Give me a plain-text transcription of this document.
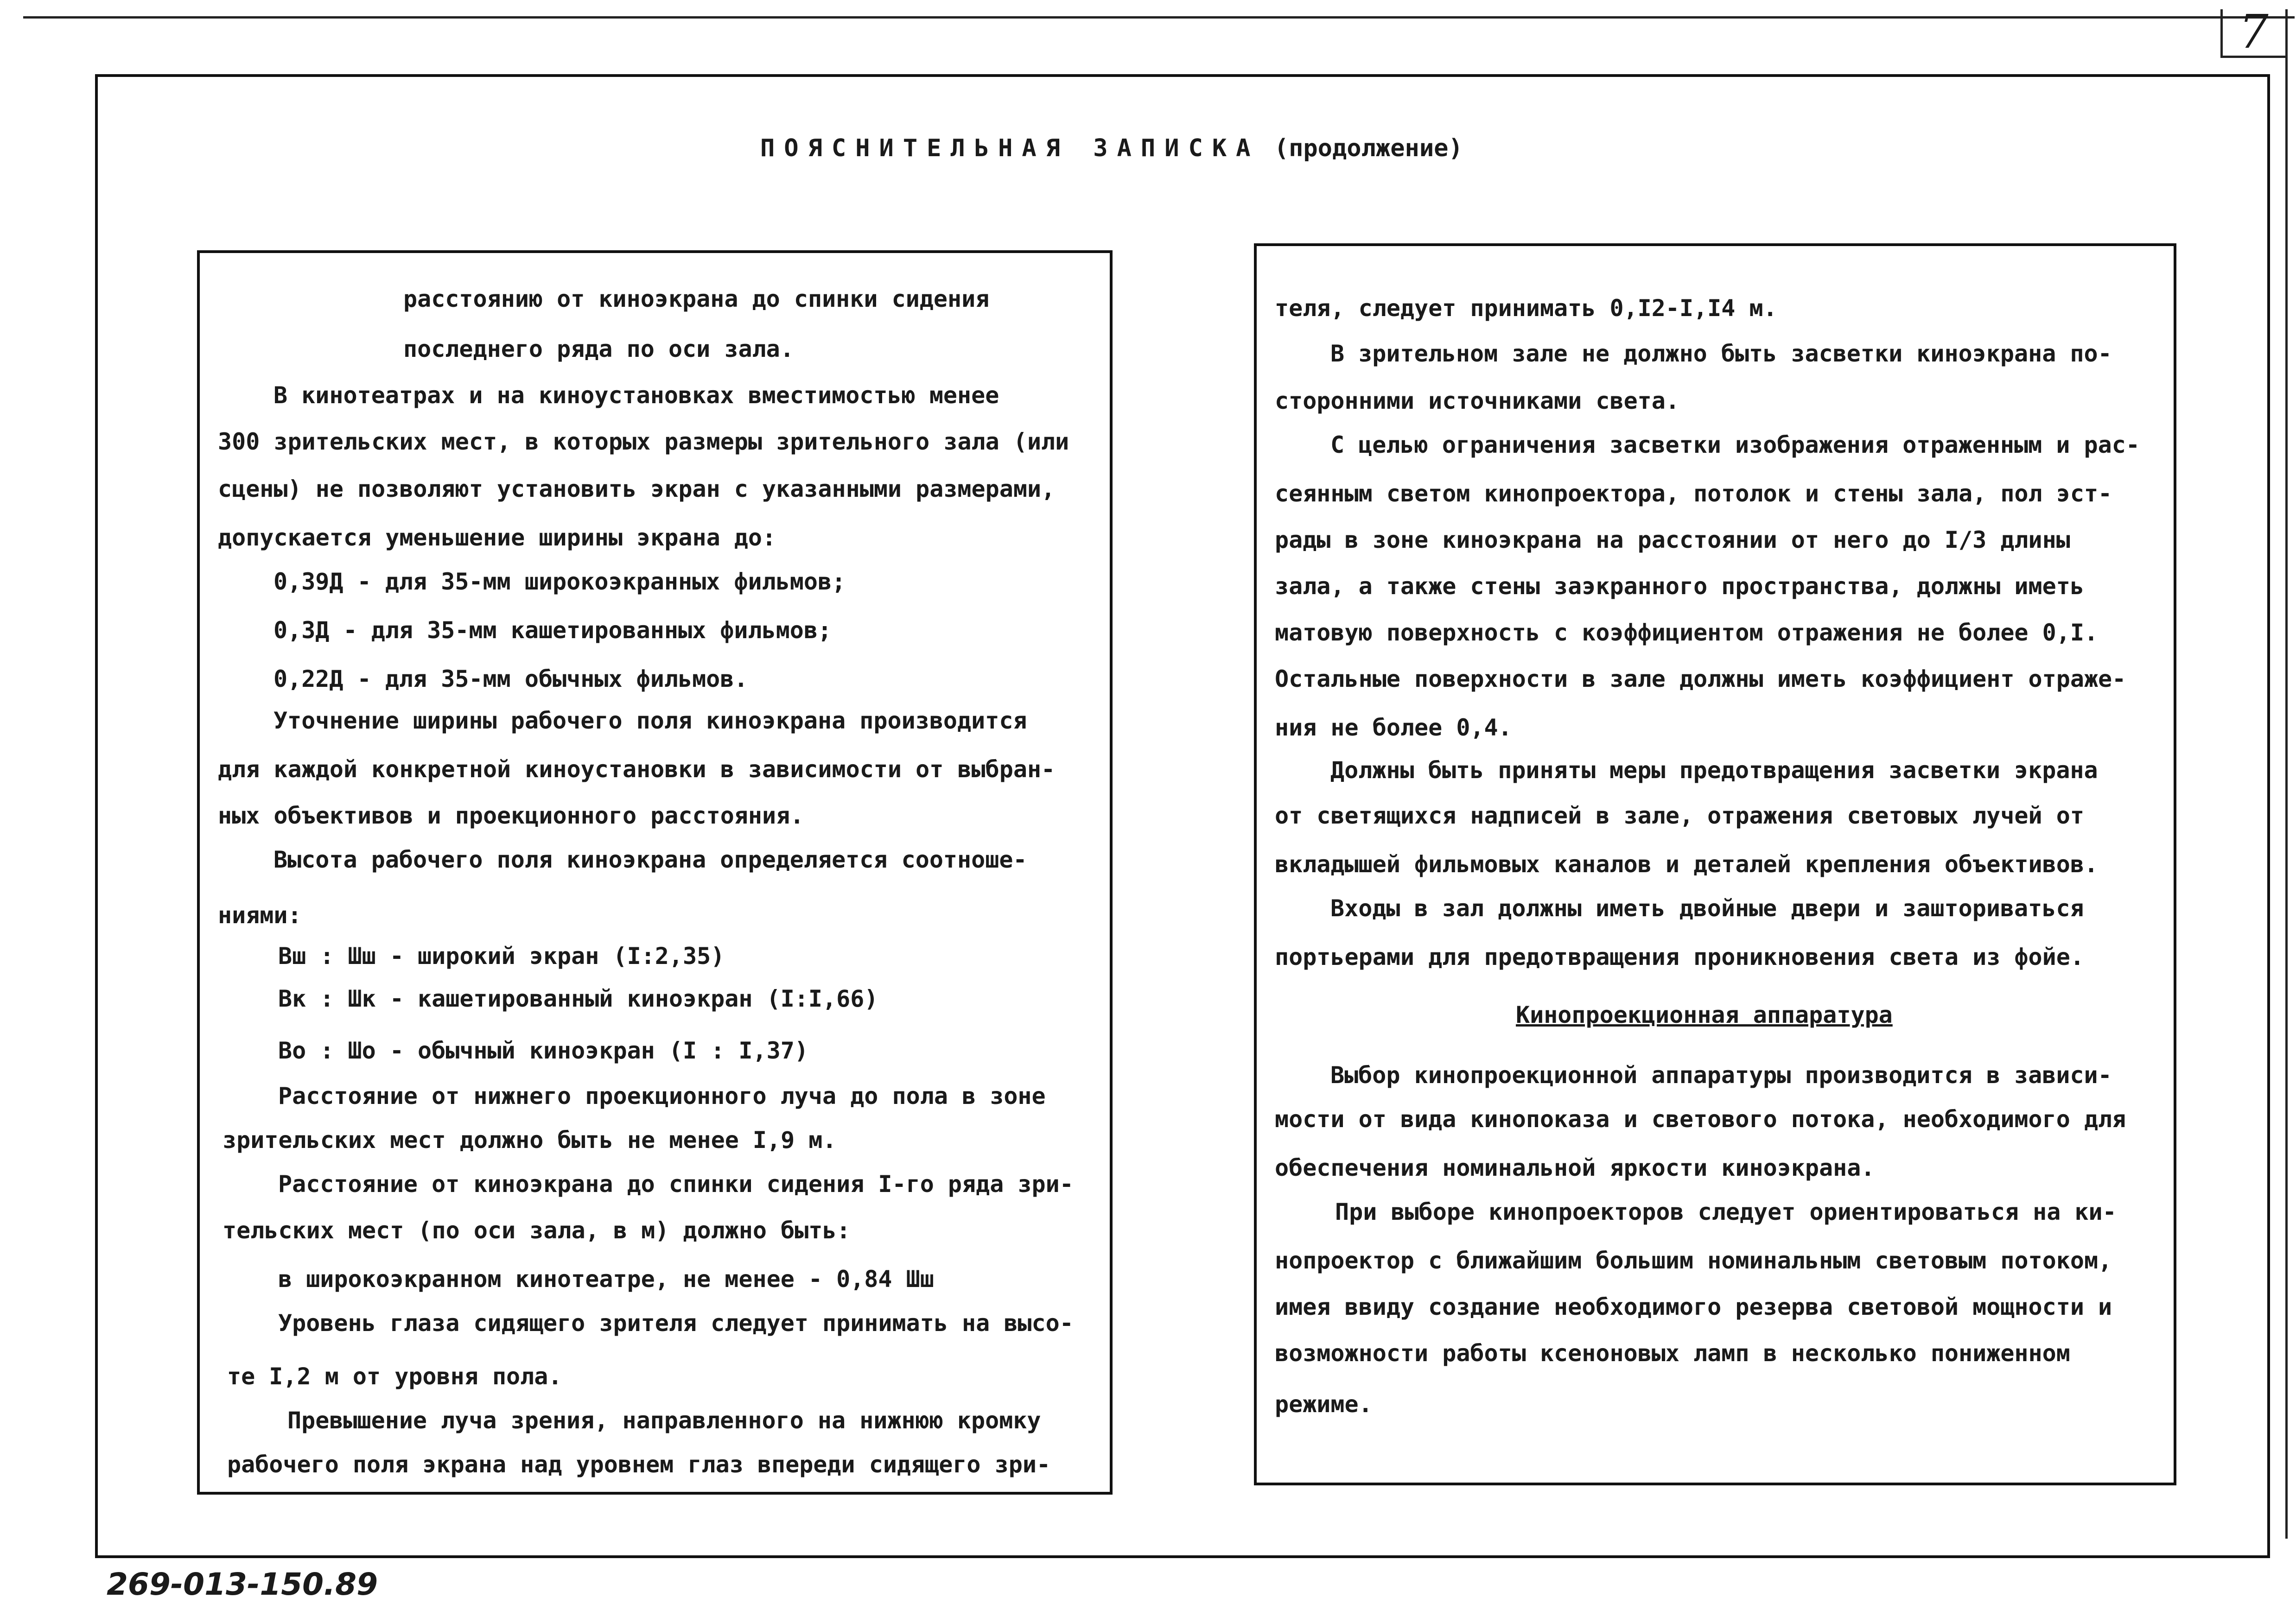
7
ПОЯСНИТЕЛЬНАЯ ЗАПИСКА (продолжение)
расстоянию от киноэкрана до спинки сидения
последнего ряда по оси зала.
В кинотеатрах и на киноустановках вместимостью менее
300 зрительских мест, в которых размеры зрительного зала (или
сцены) не позволяют установить экран с указанными размерами,
допускается уменьшение ширины экрана до:
0,39Д - для 35-мм широкоэкранных фильмов;
0,3Д - для 35-мм кашетированных фильмов;
0,22Д - для 35-мм обычных фильмов.
Уточнение ширины рабочего поля киноэкрана производится
для каждой конкретной киноустановки в зависимости от выбран-
ных объективов и проекционного расстояния.
Высота рабочего поля киноэкрана определяется соотноше-
ниями:
Вш : Шш - широкий экран (I:2,35)
Вк : Шк - кашетированный киноэкран (I:I,66)
Во : Шо - обычный киноэкран (I : I,37)
Расстояние от нижнего проекционного луча до пола в зоне
зрительских мест должно быть не менее I,9 м.
Расстояние от киноэкрана до спинки сидения I-го ряда зри-
тельских мест (по оси зала, в м) должно быть:
в широкоэкранном кинотеатре, не менее - 0,84 Шш
Уровень глаза сидящего зрителя следует принимать на высо-
те I,2 м от уровня пола.
Превышение луча зрения, направленного на нижнюю кромку
рабочего поля экрана над уровнем глаз впереди сидящего зри-
теля, следует принимать 0,I2-I,I4 м.
В зрительном зале не должно быть засветки киноэкрана по-
сторонними источниками света.
С целью ограничения засветки изображения отраженным и рас-
сеянным светом кинопроектора, потолок и стены зала, пол эст-
рады в зоне киноэкрана на расстоянии от него до I/3 длины
зала, а также стены заэкранного пространства, должны иметь
матовую поверхность с коэффициентом отражения не более 0,I.
Остальные поверхности в зале должны иметь коэффициент отраже-
ния не более 0,4.
Должны быть приняты меры предотвращения засветки экрана
от светящихся надписей в зале, отражения световых лучей от
вкладышей фильмовых каналов и деталей крепления объективов.
Входы в зал должны иметь двойные двери и зашториваться
портьерами для предотвращения проникновения света из фойе.
Кинопроекционная аппаратура
Выбор кинопроекционной аппаратуры производится в зависи-
мости от вида кинопоказа и светового потока, необходимого для
обеспечения номинальной яркости киноэкрана.
При выборе кинопроекторов следует ориентироваться на ки-
нопроектор с ближайшим большим номинальным световым потоком,
имея ввиду создание необходимого резерва световой мощности и
возможности работы ксеноновых ламп в несколько пониженном
режиме.
269-013-150.89
